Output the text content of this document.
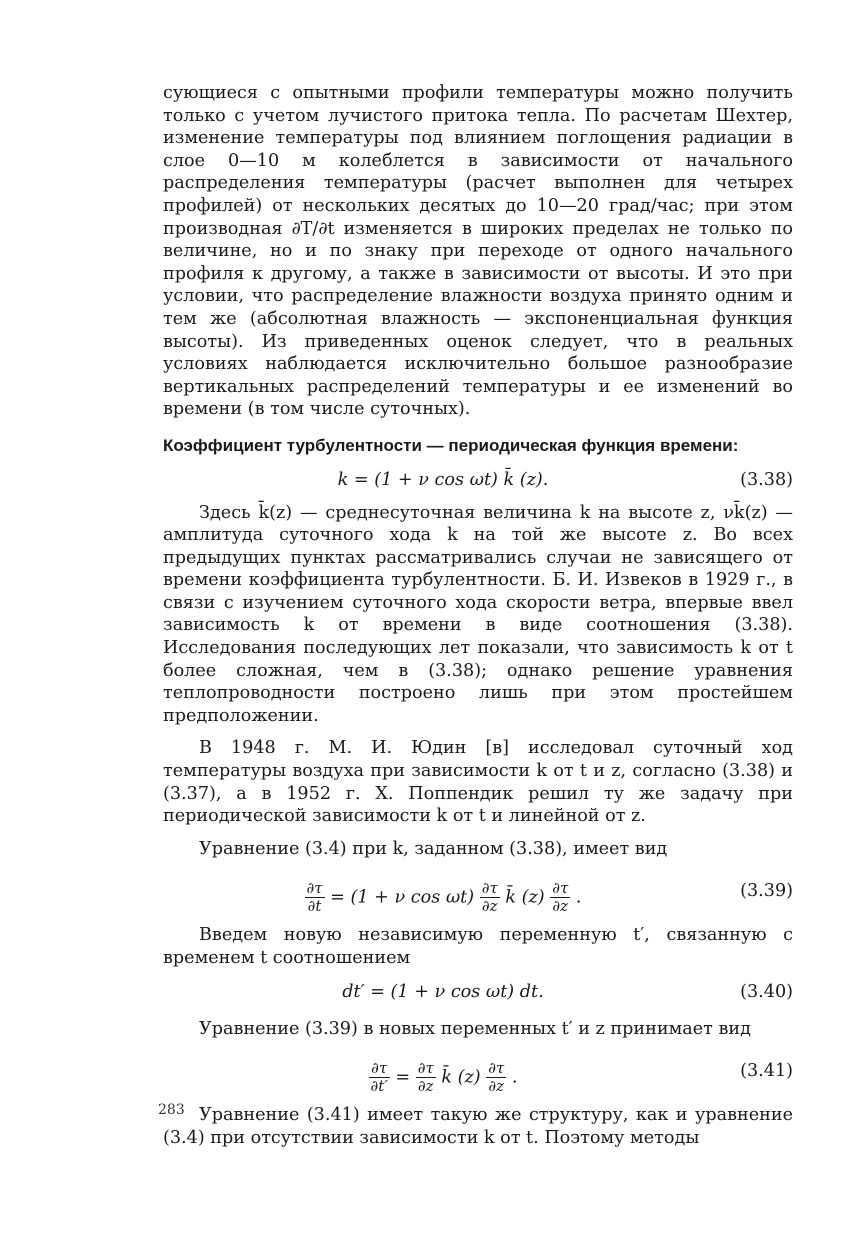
сующиеся с опытными профили температуры можно получить только с учетом лучистого притока тепла. По расчетам Шехтер, изменение температуры под влиянием поглощения радиации в слое 0—10 м колеблется в зависимости от начального распределения температуры (расчет выполнен для четырех профилей) от нескольких десятых до 10—20 град/час; при этом производная ∂T/∂t изменяется в широких пределах не только по величине, но и по знаку при переходе от одного начального профиля к другому, а также в зависимости от высоты. И это при условии, что распределение влажности воздуха принято одним и тем же (абсолютная влажность — экспоненциальная функция высоты). Из приведенных оценок следует, что в реальных условиях наблюдается исключительно большое разнообразие вертикальных распределений температуры и ее изменений во времени (в том числе суточных).

Коэффициент турбулентности — периодическая функция времени:

k = (1 + ν cos ωt) k̄ (z).	(3.38)

Здесь k̄(z) — среднесуточная величина k на высоте z, νk̄(z) — амплитуда суточного хода k на той же высоте z. Во всех предыдущих пунктах рассматривались случаи не зависящего от времени коэффициента турбулентности. Б. И. Извеков в 1929 г., в связи с изучением суточного хода скорости ветра, впервые ввел зависимость k от времени в виде соотношения (3.38). Исследования последующих лет показали, что зависимость k от t более сложная, чем в (3.38); однако решение уравнения теплопроводности построено лишь при этом простейшем предположении.

В 1948 г. М. И. Юдин [в] исследовал суточный ход температуры воздуха при зависимости k от t и z, согласно (3.38) и (3.37), а в 1952 г. Х. Поппендик решил ту же задачу при периодической зависимости k от t и линейной от z.

Уравнение (3.4) при k, заданном (3.38), имеет вид

$\frac{\partial\tau}{\partial t} = (1 + \nu$ $\cos \omega t) \frac{\partial\tau}{\partial z}$ k̄ $(z) \frac{\partial\tau}{\partial z}$ .	(3.39)

Введем новую независимую переменную t′, связанную с временем t соотношением

dt′ = (1 + ν cos ωt) dt.	(3.40)

Уравнение (3.39) в новых переменных t′ и z принимает вид

$\frac{\partial\tau}{\partial t'} = \frac{\partial\tau}{\partial z}$ k̄ $(z) \frac{\partial\tau}{\partial z}$ .	(3.41)

Уравнение (3.41) имеет такую же структуру, как и уравнение (3.4) при отсутствии зависимости k от t. Поэтому методы

283
